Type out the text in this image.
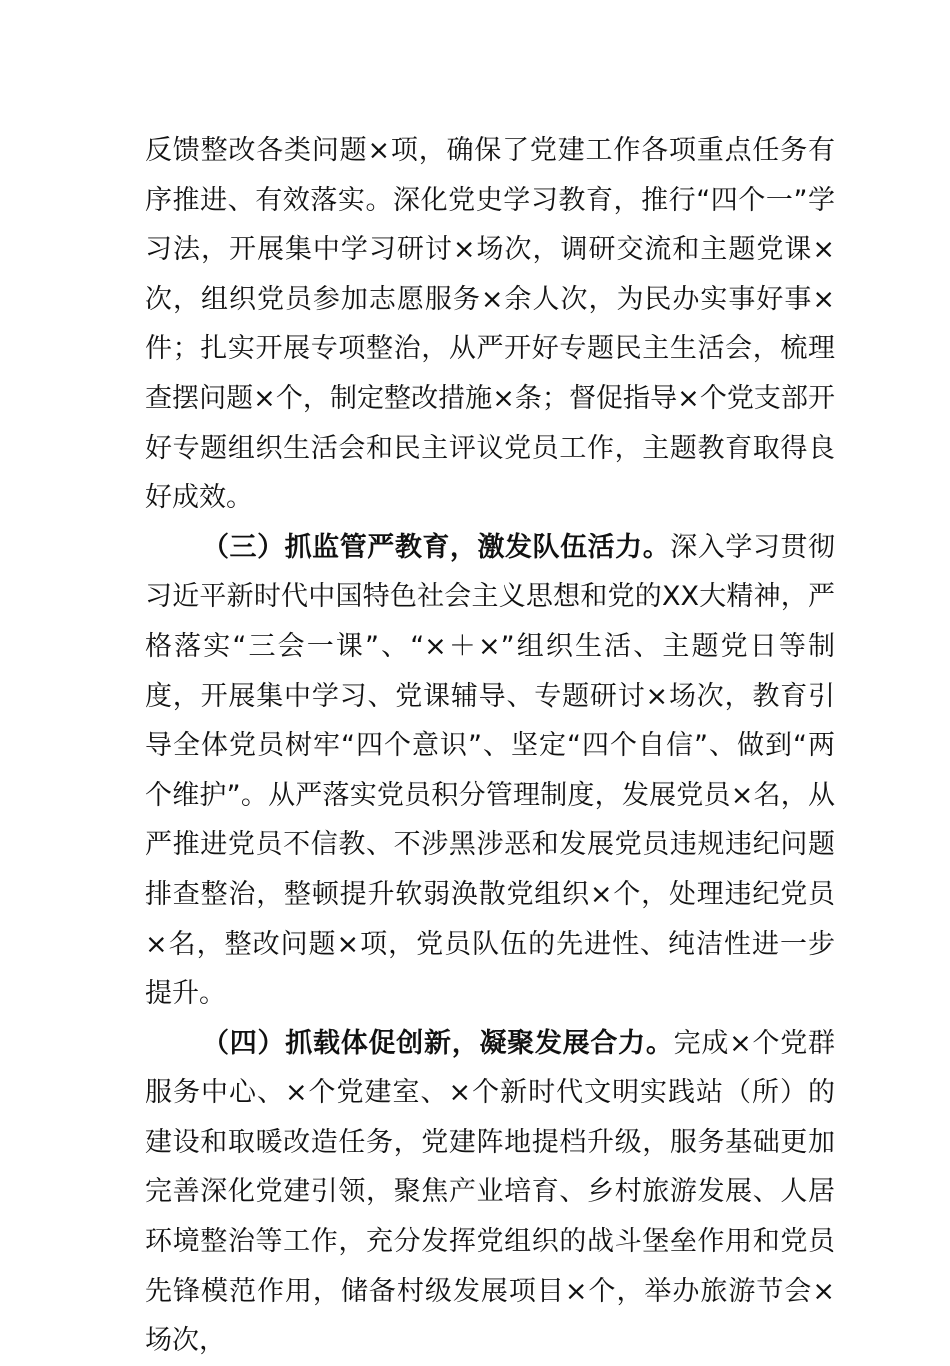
反馈整改各类问题×项，确保了党建工作各项重点任务有序推进、有效落实。深化党史学习教育，推行“四个一”学习法，开展集中学习研讨×场次，调研交流和主题党课×次，组织党员参加志愿服务×余人次，为民办实事好事×件；扎实开展专项整治，从严开好专题民主生活会，梳理查摆问题×个，制定整改措施×条；督促指导×个党支部开好专题组织生活会和民主评议党员工作，主题教育取得良好成效。

（三）抓监管严教育，激发队伍活力。深入学习贯彻习近平新时代中国特色社会主义思想和党的XX大精神，严格落实“三会一课”、“×＋×”组织生活、主题党日等制度，开展集中学习、党课辅导、专题研讨×场次，教育引导全体党员树牢“四个意识”、坚定“四个自信”、做到“两个维护”。从严落实党员积分管理制度，发展党员×名，从严推进党员不信教、不涉黑涉恶和发展党员违规违纪问题排查整治，整顿提升软弱涣散党组织×个，处理违纪党员×名，整改问题×项，党员队伍的先进性、纯洁性进一步提升。

（四）抓载体促创新，凝聚发展合力。完成×个党群服务中心、×个党建室、×个新时代文明实践站（所）的建设和取暖改造任务，党建阵地提档升级，服务基础更加完善深化党建引领，聚焦产业培育、乡村旅游发展、人居环境整治等工作，充分发挥党组织的战斗堡垒作用和党员先锋模范作用，储备村级发展项目×个，举办旅游节会×场次，
